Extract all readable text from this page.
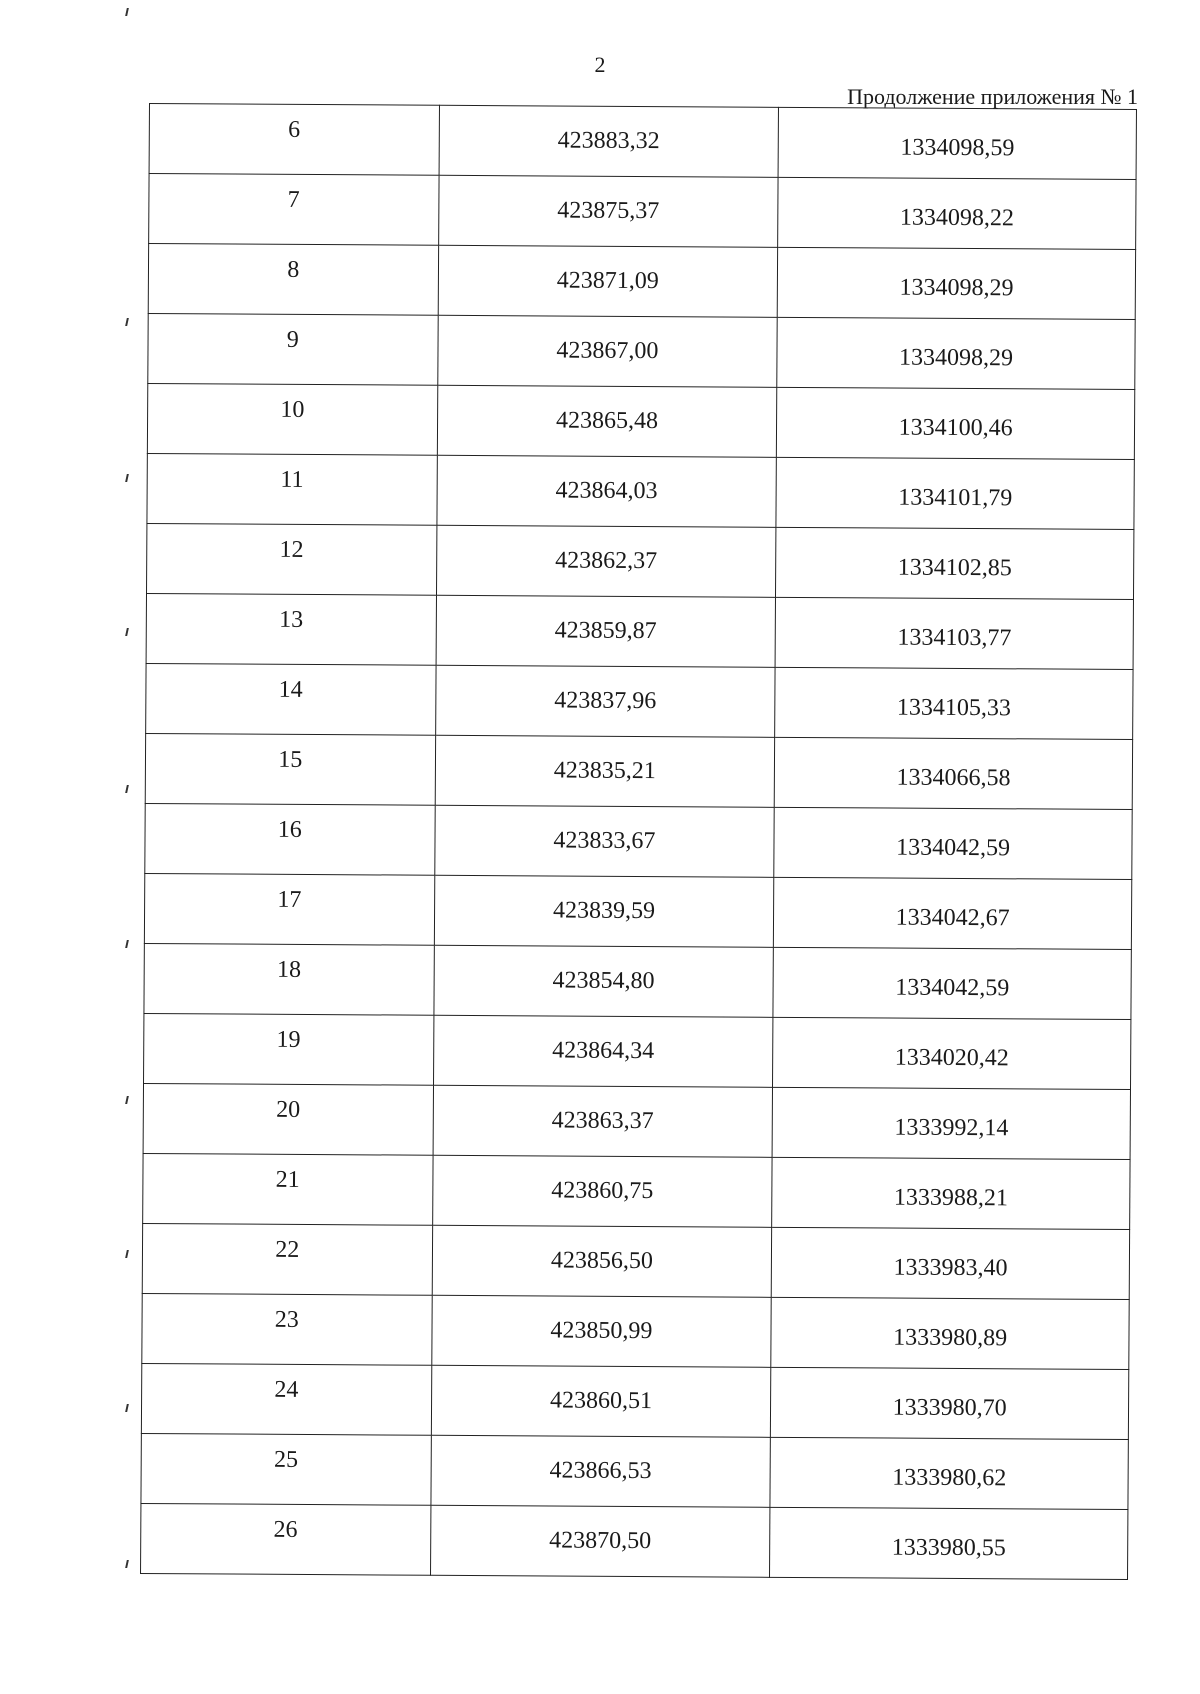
2
Продолжение приложения № 1
6	423883,32	1334098,59
7	423875,37	1334098,22
8	423871,09	1334098,29
9	423867,00	1334098,29
10	423865,48	1334100,46
11	423864,03	1334101,79
12	423862,37	1334102,85
13	423859,87	1334103,77
14	423837,96	1334105,33
15	423835,21	1334066,58
16	423833,67	1334042,59
17	423839,59	1334042,67
18	423854,80	1334042,59
19	423864,34	1334020,42
20	423863,37	1333992,14
21	423860,75	1333988,21
22	423856,50	1333983,40
23	423850,99	1333980,89
24	423860,51	1333980,70
25	423866,53	1333980,62
26	423870,50	1333980,55
